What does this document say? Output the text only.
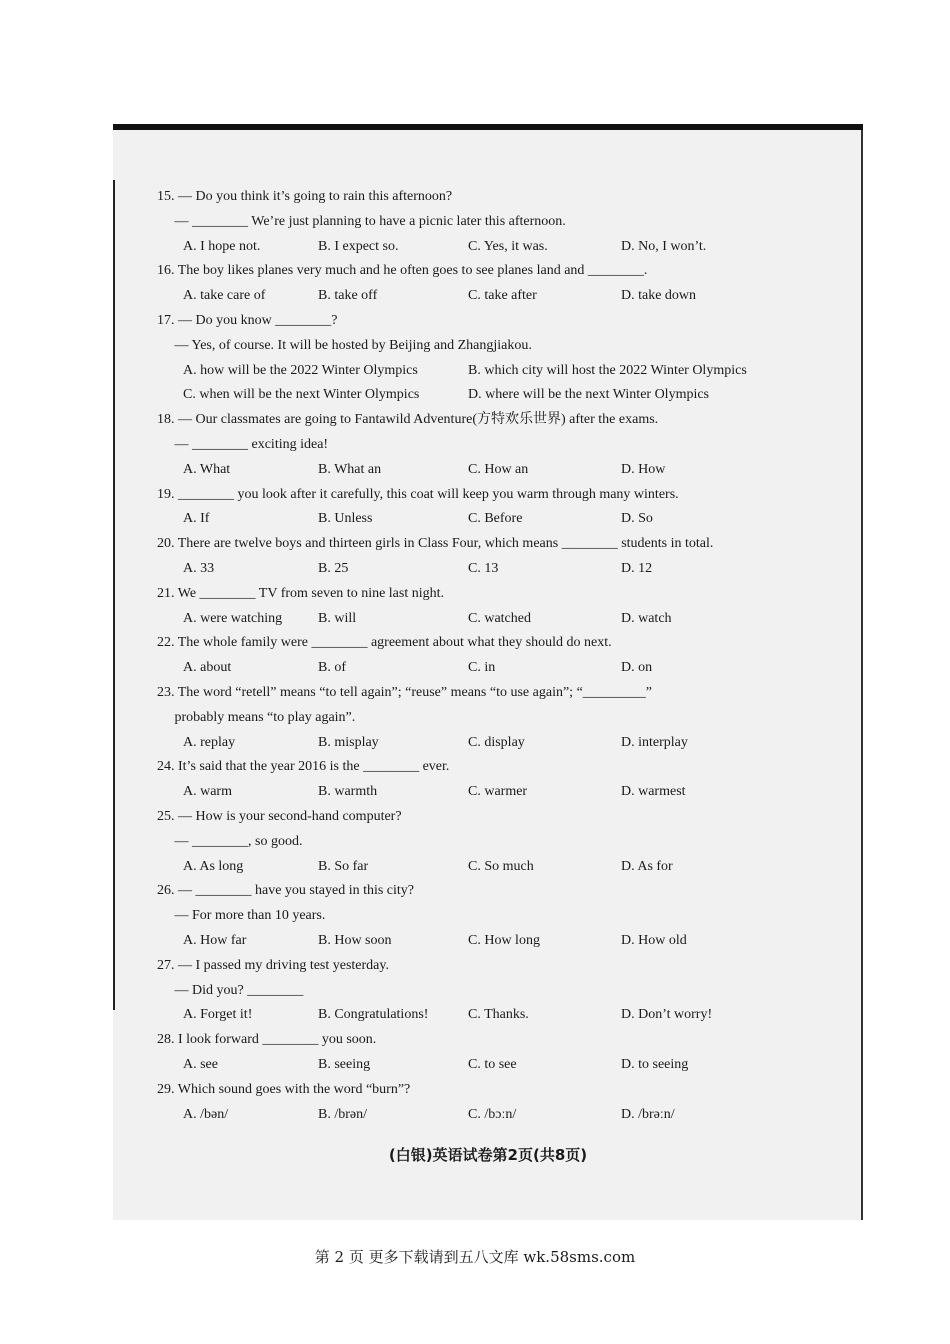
15. — Do you think it’s going to rain this afternoon?
— ________ We’re just planning to have a picnic later this afternoon.
A. I hope not.	B. I expect so.	C. Yes, it was.	D. No, I won’t.
16. The boy likes planes very much and he often goes to see planes land and ________.
A. take care of	B. take off	C. take after	D. take down
17. — Do you know ________?
— Yes, of course. It will be hosted by Beijing and Zhangjiakou.
A. how will be the 2022 Winter Olympics	B. which city will host the 2022 Winter Olympics
C. when will be the next Winter Olympics	D. where will be the next Winter Olympics
18. — Our classmates are going to Fantawild Adventure(方特欢乐世界) after the exams.
— ________ exciting idea!
A. What	B. What an	C. How an	D. How
19. ________ you look after it carefully, this coat will keep you warm through many winters.
A. If	B. Unless	C. Before	D. So
20. There are twelve boys and thirteen girls in Class Four, which means ________ students in total.
A. 33	B. 25	C. 13	D. 12
21. We ________ TV from seven to nine last night.
A. were watching	B. will	C. watched	D. watch
22. The whole family were ________ agreement about what they should do next.
A. about	B. of	C. in	D. on
23. The word “retell” means “to tell again”; “reuse” means “to use again”; “_________”
probably means “to play again”.
A. replay	B. misplay	C. display	D. interplay
24. It’s said that the year 2016 is the ________ ever.
A. warm	B. warmth	C. warmer	D. warmest
25. — How is your second-hand computer?
— ________, so good.
A. As long	B. So far	C. So much	D. As for
26. — ________ have you stayed in this city?
— For more than 10 years.
A. How far	B. How soon	C. How long	D. How old
27. — I passed my driving test yesterday.
— Did you? ________
A. Forget it!	B. Congratulations!	C. Thanks.	D. Don’t worry!
28. I look forward ________ you soon.
A. see	B. seeing	C. to see	D. to seeing
29. Which sound goes with the word “burn”?
A. /bən/	B. /brən/	C. /bɔːn/	D. /brəːn/
(白银)英语试卷第2页(共8页)
第 2 页 更多下载请到五八文库 wk.58sms.com
